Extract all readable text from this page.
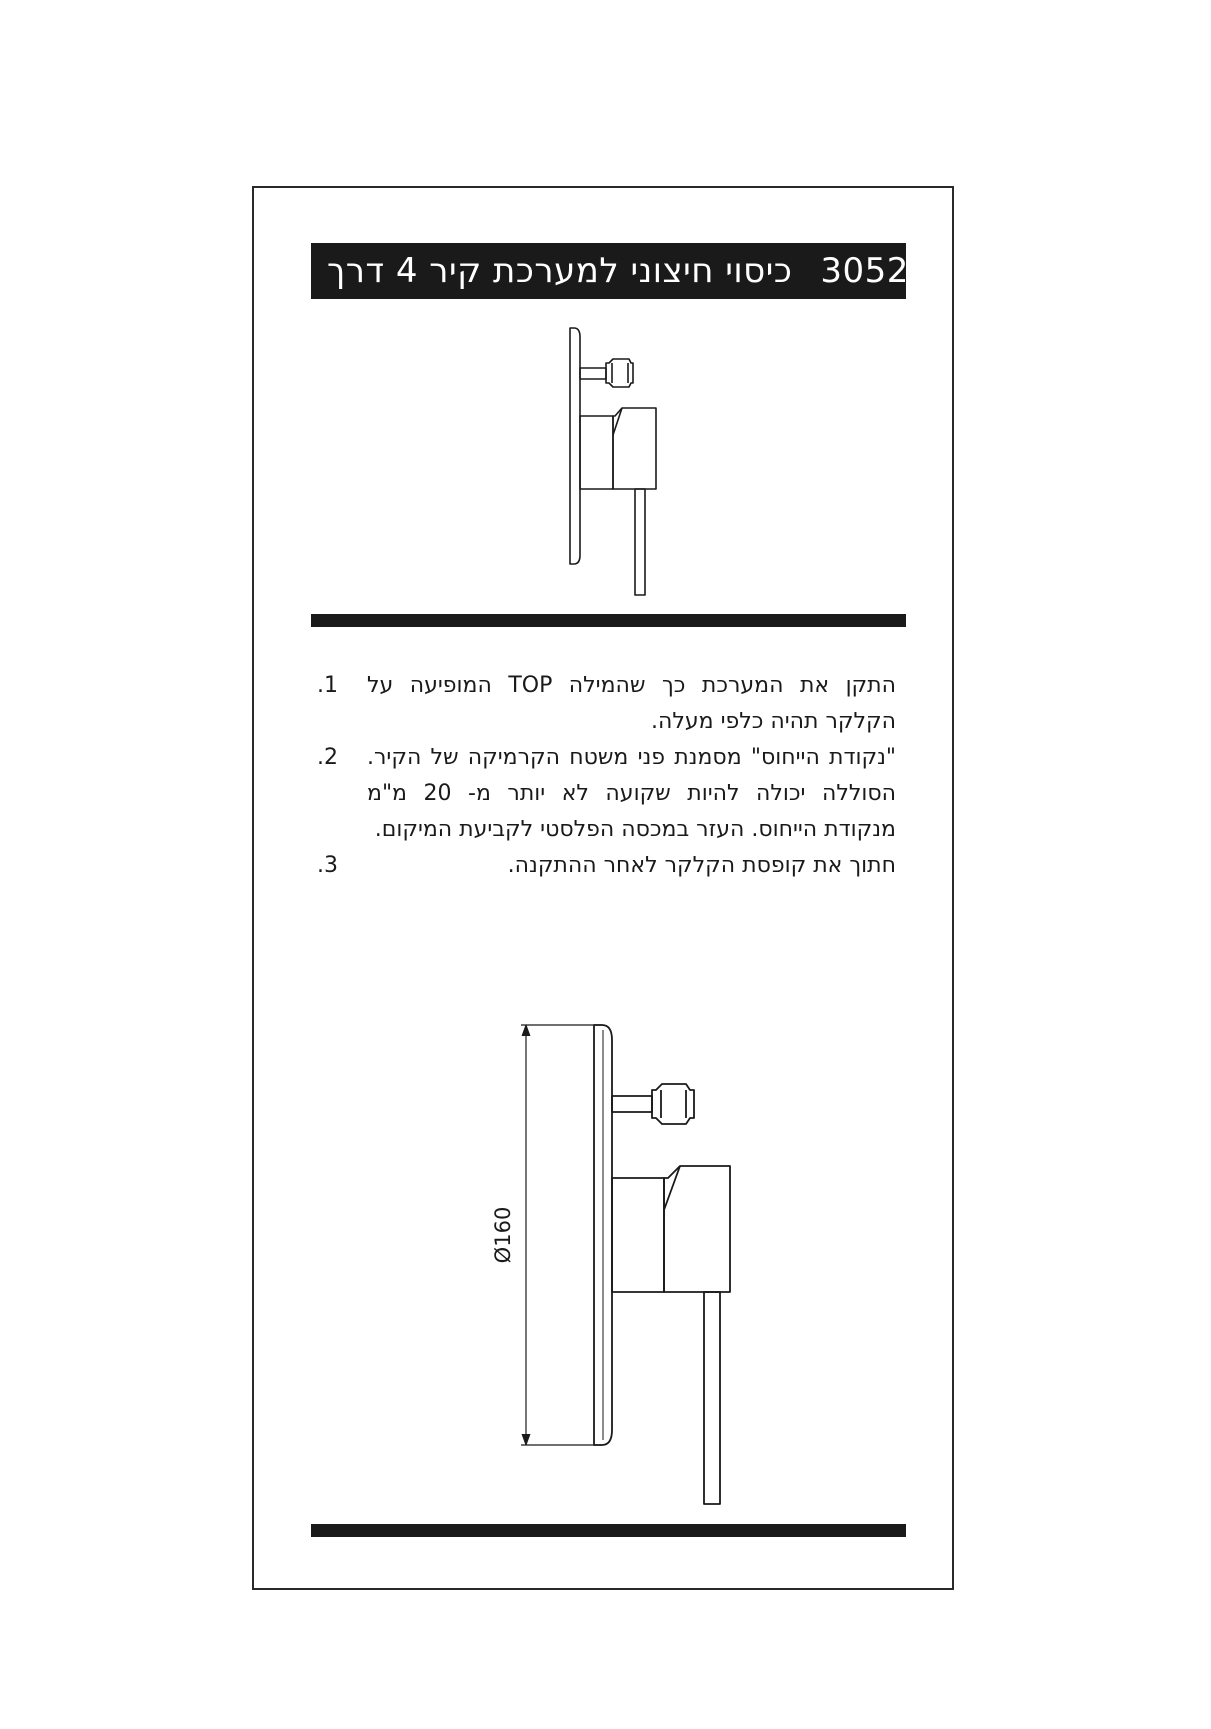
305288
כיסוי חיצוני למערכת קיר 4 דרך
.1	התקן את המערכת כך שהמילה TOP המופיעה על הקלקר תהיה כלפי מעלה.
.2	"נקודת הייחוס" מסמנת פני משטח הקרמיקה של הקיר. הסוללה יכולה להיות שקועה לא יותר מ- 20 מ"מ מנקודת הייחוס. העזר במכסה הפלסטי לקביעת המיקום.
.3	חתוך את קופסת הקלקר לאחר ההתקנה.
Ø160
